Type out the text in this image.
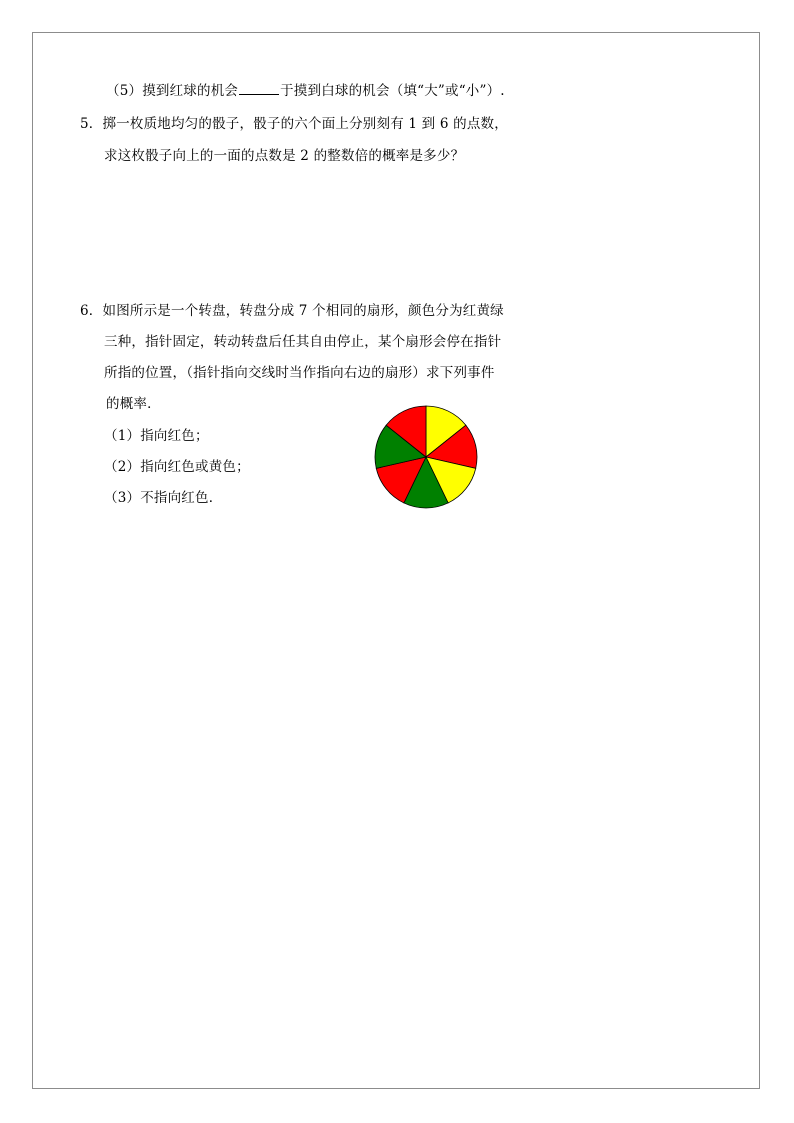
（5）摸到红球的机会	于摸到白球的机会（填“大”或“小”）.
5．掷一枚质地均匀的骰子，骰子的六个面上分别刻有 1 到 6 的点数，
求这枚骰子向上的一面的点数是 2 的整数倍的概率是多少？
6．如图所示是一个转盘，转盘分成 7 个相同的扇形，颜色分为红黄绿
三种，指针固定，转动转盘后任其自由停止，某个扇形会停在指针
所指的位置，（指针指向交线时当作指向右边的扇形）求下列事件
的概率．
（1）指向红色；
（2）指向红色或黄色；
（3）不指向红色．
